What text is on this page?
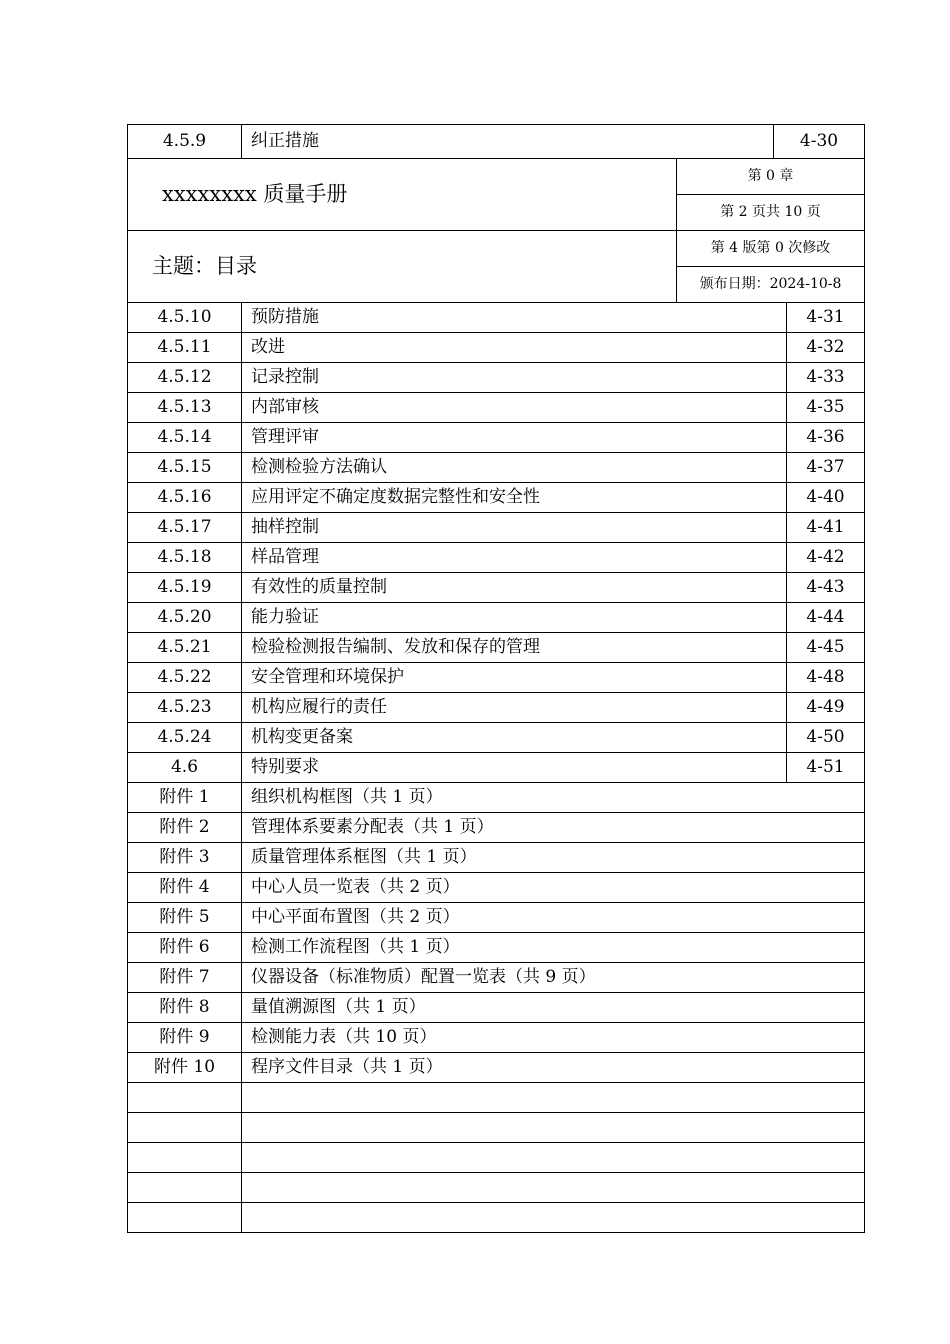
4.5.9	纠正措施	4-30
xxxxxxxx 质量手册	第 0 章
	第 2 页共 10 页
主题：目录	第 4 版第 0 次修改
	颁布日期：2024-10-8
4.5.10	预防措施	4-31
4.5.11	改进	4-32
4.5.12	记录控制	4-33
4.5.13	内部审核	4-35
4.5.14	管理评审	4-36
4.5.15	检测检验方法确认	4-37
4.5.16	应用评定不确定度数据完整性和安全性	4-40
4.5.17	抽样控制	4-41
4.5.18	样品管理	4-42
4.5.19	有效性的质量控制	4-43
4.5.20	能力验证	4-44
4.5.21	检验检测报告编制、发放和保存的管理	4-45
4.5.22	安全管理和环境保护	4-48
4.5.23	机构应履行的责任	4-49
4.5.24	机构变更备案	4-50
4.6	特别要求	4-51
附件 1	组织机构框图（共 1 页）
附件 2	管理体系要素分配表（共 1 页）
附件 3	质量管理体系框图（共 1 页）
附件 4	中心人员一览表（共 2 页）
附件 5	中心平面布置图（共 2 页）
附件 6	检测工作流程图（共 1 页）
附件 7	仪器设备（标准物质）配置一览表（共 9 页）
附件 8	量值溯源图（共 1 页）
附件 9	检测能力表（共 10 页）
附件 10	程序文件目录（共 1 页）
